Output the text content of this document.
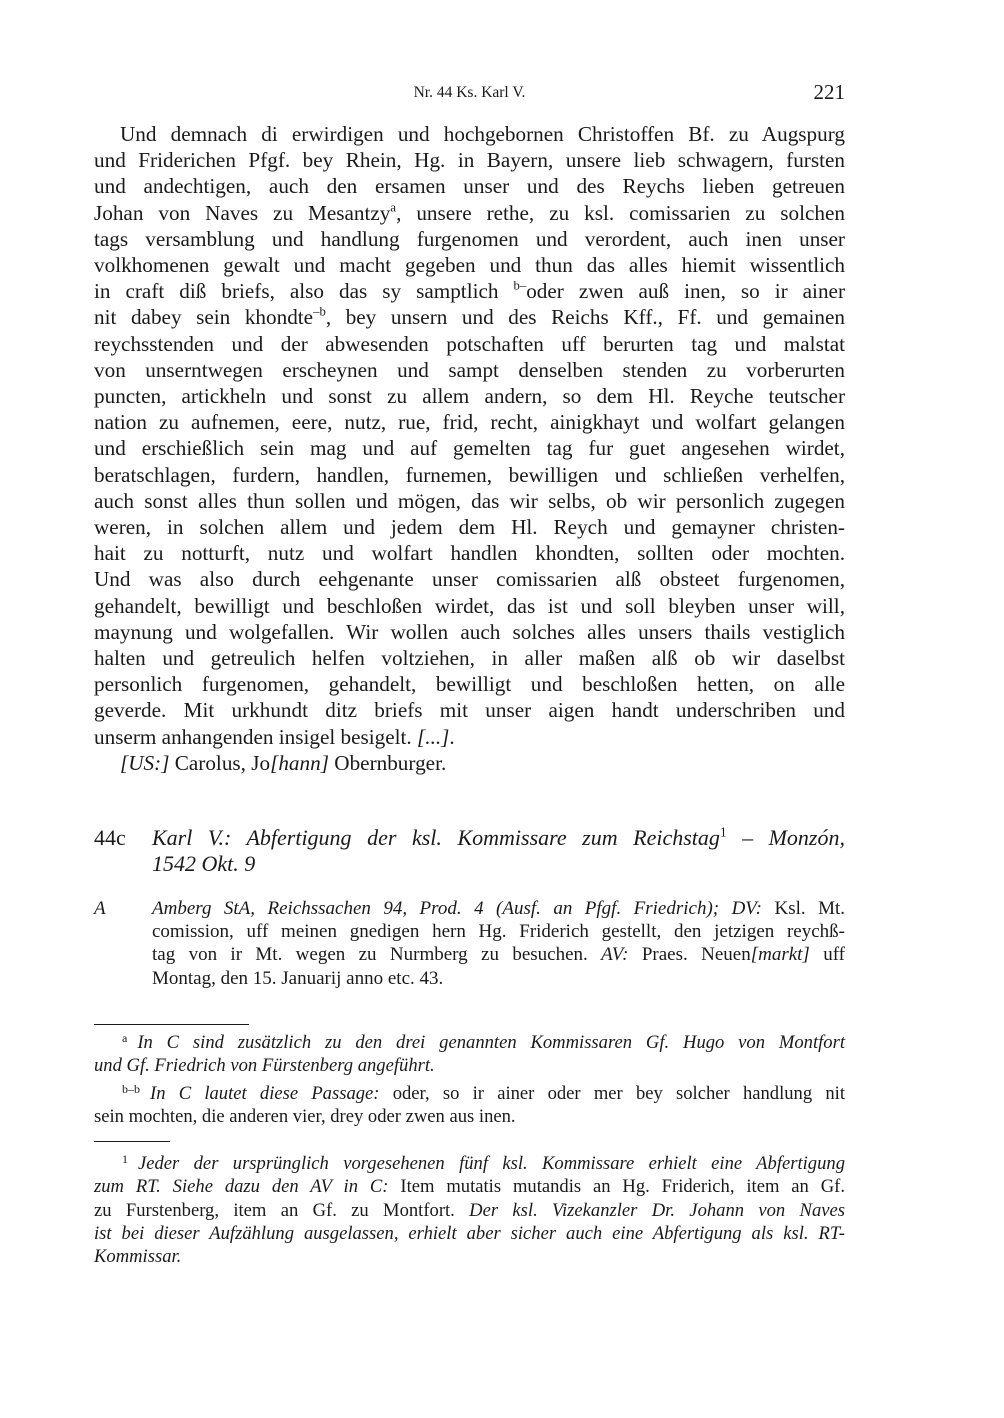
Nr. 44 Ks. Karl V.	221
Und demnach di erwirdigen und hochgebornen Christoffen Bf. zu Augspurg
und Friderichen Pfgf. bey Rhein, Hg. in Bayern, unsere lieb schwagern, fursten
und andechtigen, auch den ersamen unser und des Reychs lieben getreuen
Johan von Naves zu Mesantzy$^a$, unsere rethe, zu ksl. comissarien zu solchen
tags versamblung und handlung furgenomen und verordent, auch inen unser
volkhomenen gewalt und macht gegeben und thun das alles hiemit wissentlich
in craft diß briefs, also das sy samptlich $^{b-}$oder zwen auß inen, so ir ainer
nit dabey sein khondte$^{-b}$, bey unsern und des Reichs Kff., Ff. und gemainen
reychsstenden und der abwesenden potschaften uff berurten tag und malstat
von unserntwegen erscheynen und sampt denselben stenden zu vorberurten
puncten, artickheln und sonst zu allem andern, so dem Hl. Reyche teutscher
nation zu aufnemen, eere, nutz, rue, frid, recht, ainigkhayt und wolfart gelangen
und erschießlich sein mag und auf gemelten tag fur guet angesehen wirdet,
beratschlagen, furdern, handlen, furnemen, bewilligen und schließen verhelfen,
auch sonst alles thun sollen und mögen, das wir selbs, ob wir personlich zugegen
weren, in solchen allem und jedem dem Hl. Reych und gemayner christen-
hait zu notturft, nutz und wolfart handlen khondten, sollten oder mochten.
Und was also durch eehgenante unser comissarien alß obsteet furgenomen,
gehandelt, bewilligt und beschloßen wirdet, das ist und soll bleyben unser will,
maynung und wolgefallen. Wir wollen auch solches alles unsers thails vestiglich
halten und getreulich helfen voltziehen, in aller maßen alß ob wir daselbst
personlich furgenomen, gehandelt, bewilligt und beschloßen hetten, on alle
geverde. Mit urkhundt ditz briefs mit unser aigen handt underschriben und
unserm anhangenden insigel besigelt. [...].
[US:] Carolus, Jo[hann] Obernburger.
44c Karl V.: Abfertigung der ksl. Kommissare zum Reichstag$^1$ – Monzón,
1542 Okt. 9
A Amberg StA, Reichssachen 94, Prod. 4 (Ausf. an Pfgf. Friedrich); DV: Ksl. Mt.
comission, uff meinen gnedigen hern Hg. Friderich gestellt, den jetzigen reychß-
tag von ir Mt. wegen zu Nurmberg zu besuchen. AV: Praes. Neuen[markt] uff
Montag, den 15. Januarij anno etc. 43.
$^a$ In C sind zusätzlich zu den drei genannten Kommissaren Gf. Hugo von Montfort
und Gf. Friedrich von Fürstenberg angeführt.
$^{b-b}$ In C lautet diese Passage: oder, so ir ainer oder mer bey solcher handlung nit
sein mochten, die anderen vier, drey oder zwen aus inen.
$^1$ Jeder der ursprünglich vorgesehenen fünf ksl. Kommissare erhielt eine Abfertigung
zum RT. Siehe dazu den AV in C: Item mutatis mutandis an Hg. Friderich, item an Gf.
zu Furstenberg, item an Gf. zu Montfort. Der ksl. Vizekanzler Dr. Johann von Naves
ist bei dieser Aufzählung ausgelassen, erhielt aber sicher auch eine Abfertigung als ksl. RT-
Kommissar.
